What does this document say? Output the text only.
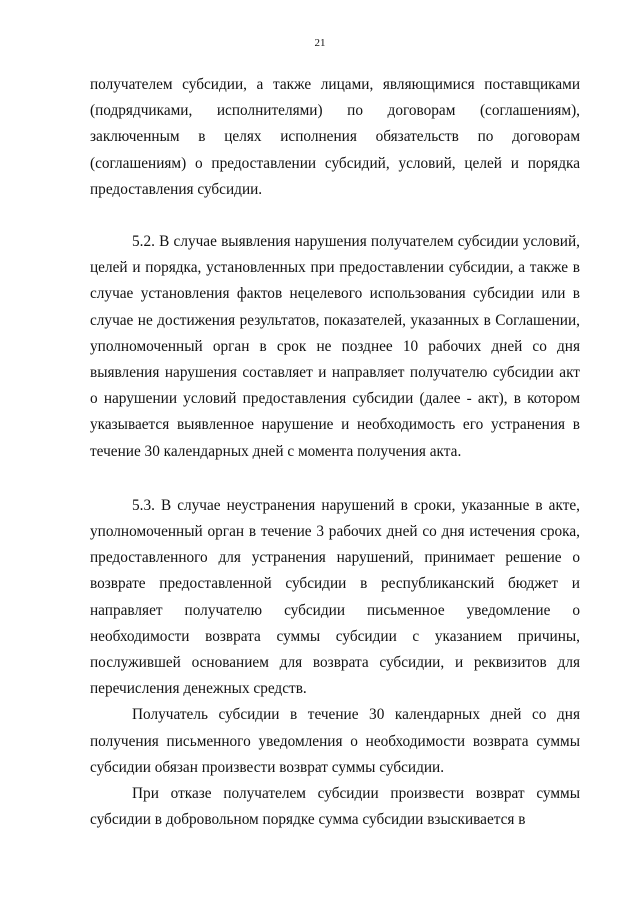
21

получателем субсидии, а также лицами, являющимися поставщиками (подрядчиками, исполнителями) по договорам (соглашениям), заключенным в целях исполнения обязательств по договорам (соглашениям) о предоставлении субсидий, условий, целей и порядка предоставления субсидии.

5.2. В случае выявления нарушения получателем субсидии условий, целей и порядка, установленных при предоставлении субсидии, а также в случае установления фактов нецелевого использования субсидии или в случае не достижения результатов, показателей, указанных в Соглашении, уполномоченный орган в срок не позднее 10 рабочих дней со дня выявления нарушения составляет и направляет получателю субсидии акт о нарушении условий предоставления субсидии (далее - акт), в котором указывается выявленное нарушение и необходимость его устранения в течение 30 календарных дней с момента получения акта.

5.3. В случае неустранения нарушений в сроки, указанные в акте, уполномоченный орган в течение 3 рабочих дней со дня истечения срока, предоставленного для устранения нарушений, принимает решение о возврате предоставленной субсидии в республиканский бюджет и направляет получателю субсидии письменное уведомление о необходимости возврата суммы субсидии с указанием причины, послужившей основанием для возврата субсидии, и реквизитов для перечисления денежных средств.

Получатель субсидии в течение 30 календарных дней со дня получения письменного уведомления о необходимости возврата суммы субсидии обязан произвести возврат суммы субсидии.

При отказе получателем субсидии произвести возврат суммы субсидии в добровольном порядке сумма субсидии взыскивается в
